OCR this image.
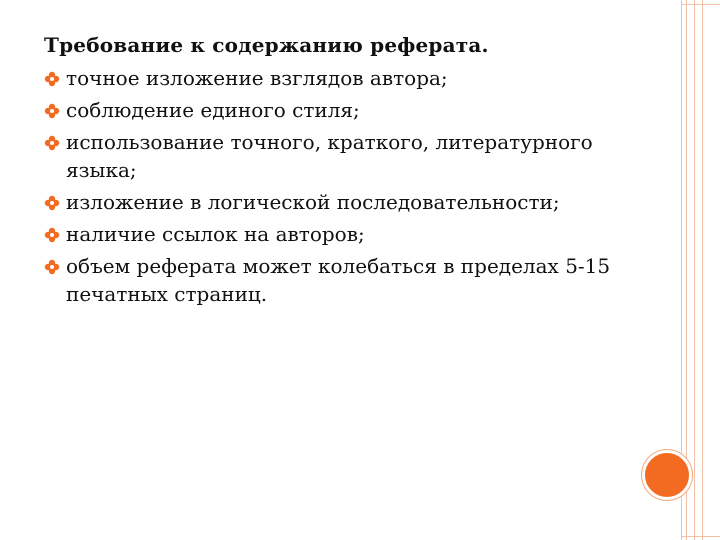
Требование к содержанию реферата.
точное изложение взглядов автора;
соблюдение единого стиля;
использование точного, краткого, литературного языка;
изложение в логической последовательности;
наличие ссылок на авторов;
объем реферата может колебаться в пределах 5-15 печатных страниц.
